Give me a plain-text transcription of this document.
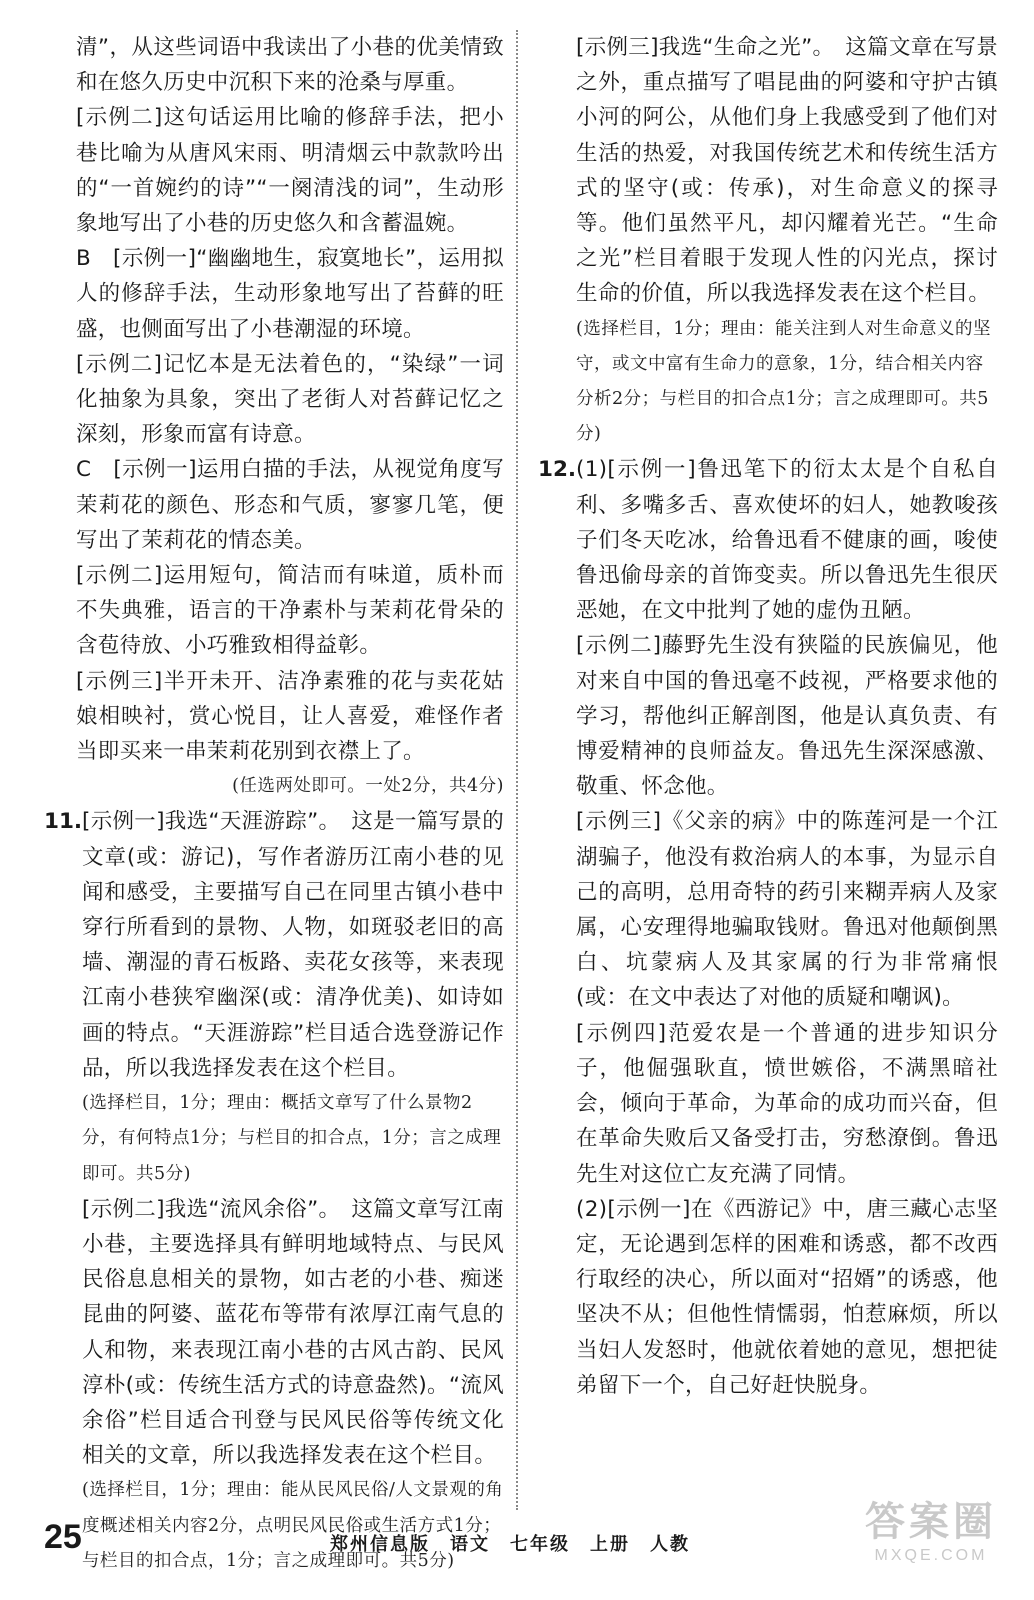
清”，从这些词语中我读出了小巷的优美情致和在悠久历史中沉积下来的沧桑与厚重。

[示例二]这句话运用比喻的修辞手法，把小巷比喻为从唐风宋雨、明清烟云中款款吟出的“一首婉约的诗”“一阕清浅的词”，生动形象地写出了小巷的历史悠久和含蓄温婉。

B　[示例一]“幽幽地生，寂寞地长”，运用拟人的修辞手法，生动形象地写出了苔藓的旺盛，也侧面写出了小巷潮湿的环境。

[示例二]记忆本是无法着色的，“染绿”一词化抽象为具象，突出了老街人对苔藓记忆之深刻，形象而富有诗意。

C　[示例一]运用白描的手法，从视觉角度写茉莉花的颜色、形态和气质，寥寥几笔，便写出了茉莉花的情态美。

[示例二]运用短句，简洁而有味道，质朴而不失典雅，语言的干净素朴与茉莉花骨朵的含苞待放、小巧雅致相得益彰。

[示例三]半开未开、洁净素雅的花与卖花姑娘相映衬，赏心悦目，让人喜爱，难怪作者当即买来一串茉莉花别到衣襟上了。

(任选两处即可。一处2分，共4分)

11. [示例一]我选“天涯游踪”。　这是一篇写景的文章(或：游记)，写作者游历江南小巷的见闻和感受，主要描写自己在同里古镇小巷中穿行所看到的景物、人物，如斑驳老旧的高墙、潮湿的青石板路、卖花女孩等，来表现江南小巷狭窄幽深(或：清净优美)、如诗如画的特点。“天涯游踪”栏目适合选登游记作品，所以我选择发表在这个栏目。

(选择栏目，1分；理由：概括文章写了什么景物2分，有何特点1分；与栏目的扣合点，1分；言之成理即可。共5分)

[示例二]我选“流风余俗”。　这篇文章写江南小巷，主要选择具有鲜明地域特点、与民风民俗息息相关的景物，如古老的小巷、痴迷昆曲的阿婆、蓝花布等带有浓厚江南气息的人和物，来表现江南小巷的古风古韵、民风淳朴(或：传统生活方式的诗意盎然)。“流风余俗”栏目适合刊登与民风民俗等传统文化相关的文章，所以我选择发表在这个栏目。

(选择栏目，1分；理由：能从民风民俗/人文景观的角度概述相关内容2分，点明民风民俗或生活方式1分；与栏目的扣合点，1分；言之成理即可。共5分)

[示例三]我选“生命之光”。　这篇文章在写景之外，重点描写了唱昆曲的阿婆和守护古镇小河的阿公，从他们身上我感受到了他们对生活的热爱，对我国传统艺术和传统生活方式的坚守(或：传承)，对生命意义的探寻等。他们虽然平凡，却闪耀着光芒。“生命之光”栏目着眼于发现人性的闪光点，探讨生命的价值，所以我选择发表在这个栏目。

(选择栏目，1分；理由：能关注到人对生命意义的坚守，或文中富有生命力的意象，1分，结合相关内容分析2分；与栏目的扣合点1分；言之成理即可。共5分)

12. (1)[示例一]鲁迅笔下的衍太太是个自私自利、多嘴多舌、喜欢使坏的妇人，她教唆孩子们冬天吃冰，给鲁迅看不健康的画，唆使鲁迅偷母亲的首饰变卖。所以鲁迅先生很厌恶她，在文中批判了她的虚伪丑陋。

[示例二]藤野先生没有狭隘的民族偏见，他对来自中国的鲁迅毫不歧视，严格要求他的学习，帮他纠正解剖图，他是认真负责、有博爱精神的良师益友。鲁迅先生深深感激、敬重、怀念他。

[示例三]《父亲的病》中的陈莲河是一个江湖骗子，他没有救治病人的本事，为显示自己的高明，总用奇特的药引来糊弄病人及家属，心安理得地骗取钱财。鲁迅对他颠倒黑白、坑蒙病人及其家属的行为非常痛恨(或：在文中表达了对他的质疑和嘲讽)。

[示例四]范爱农是一个普通的进步知识分子，他倔强耿直，愤世嫉俗，不满黑暗社会，倾向于革命，为革命的成功而兴奋，但在革命失败后又备受打击，穷愁潦倒。鲁迅先生对这位亡友充满了同情。

(2)[示例一]在《西游记》中，唐三藏心志坚定，无论遇到怎样的困难和诱惑，都不改西行取经的决心，所以面对“招婿”的诱惑，他坚决不从；但他性情懦弱，怕惹麻烦，所以当妇人发怒时，他就依着她的意见，想把徒弟留下一个，自己好赶快脱身。

25	郑州信息版　语文　七年级　上册　人教	答案圈
MXQE.COM
